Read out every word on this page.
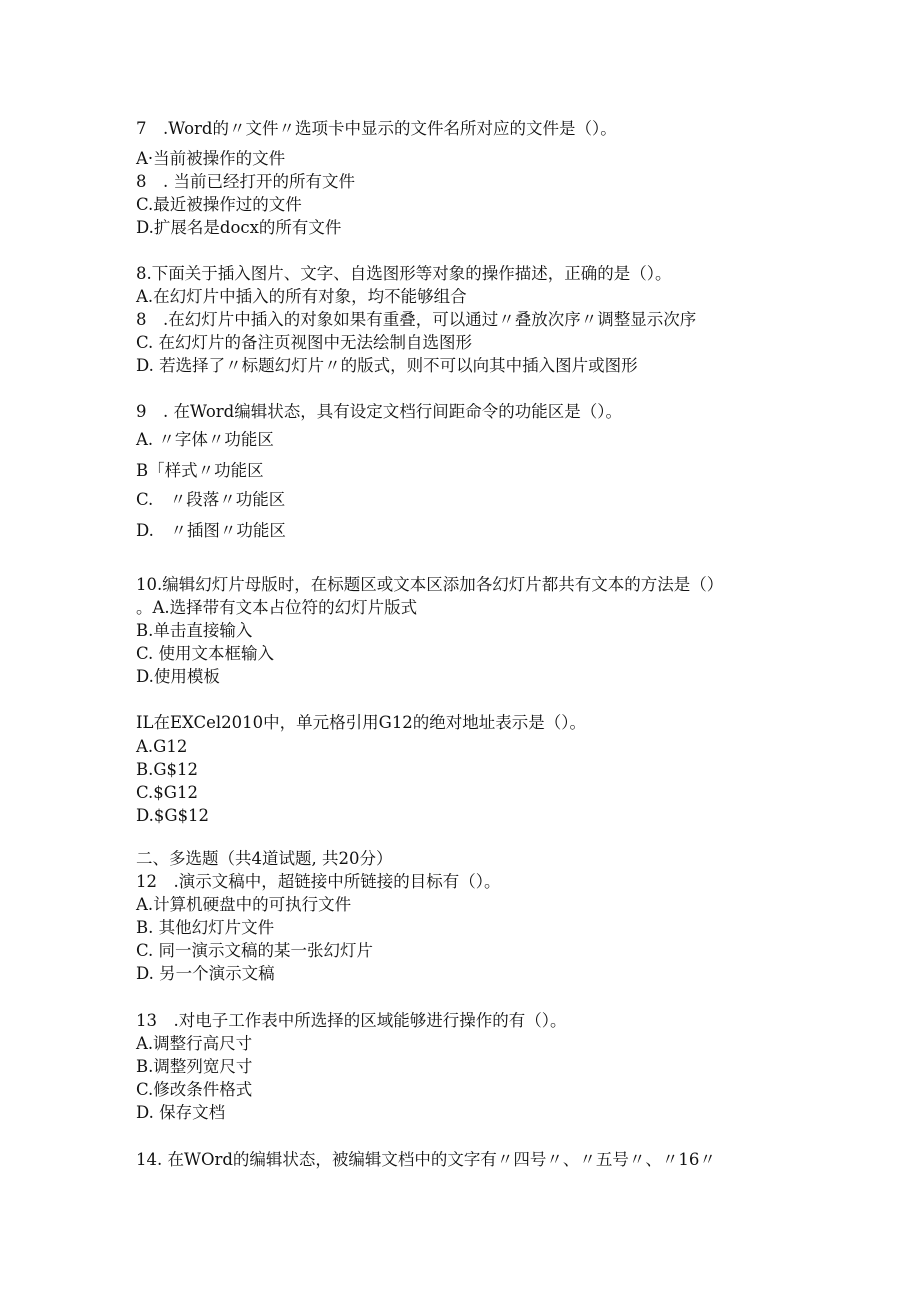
7　.Word的〃文件〃选项卡中显示的文件名所对应的文件是（）。
A·当前被操作的文件
8　. 当前已经打开的所有文件
C.最近被操作过的文件
D.扩展名是docx的所有文件
8.下面关于插入图片、文字、自选图形等对象的操作描述，正确的是（）。
A.在幻灯片中插入的所有对象，均不能够组合
8　.在幻灯片中插入的对象如果有重叠，可以通过〃叠放次序〃调整显示次序
C. 在幻灯片的备注页视图中无法绘制自选图形
D. 若选择了〃标题幻灯片〃的版式，则不可以向其中插入图片或图形
9　. 在Word编辑状态，具有设定文档行间距命令的功能区是（）。
A. 〃字体〃功能区
B「样式〃功能区
C.　〃段落〃功能区
D.　〃插图〃功能区
10.编辑幻灯片母版时，在标题区或文本区添加各幻灯片都共有文本的方法是（）
。A.选择带有文本占位符的幻灯片版式
B.单击直接输入
C. 使用文本框输入
D.使用模板
IL在EXCel2010中，单元格引用G12的绝对地址表示是（）。
A.G12
B.G$12
C.$G12
D.$G$12
二、多选题（共4道试题, 共20分）
12　.演示文稿中，超链接中所链接的目标有（）。
A.计算机硬盘中的可执行文件
B. 其他幻灯片文件
C. 同一演示文稿的某一张幻灯片
D. 另一个演示文稿
13　.对电子工作表中所选择的区域能够进行操作的有（）。
A.调整行高尺寸
B.调整列宽尺寸
C.修改条件格式
D. 保存文档
14. 在WOrd的编辑状态，被编辑文档中的文字有〃四号〃、〃五号〃、〃16〃
